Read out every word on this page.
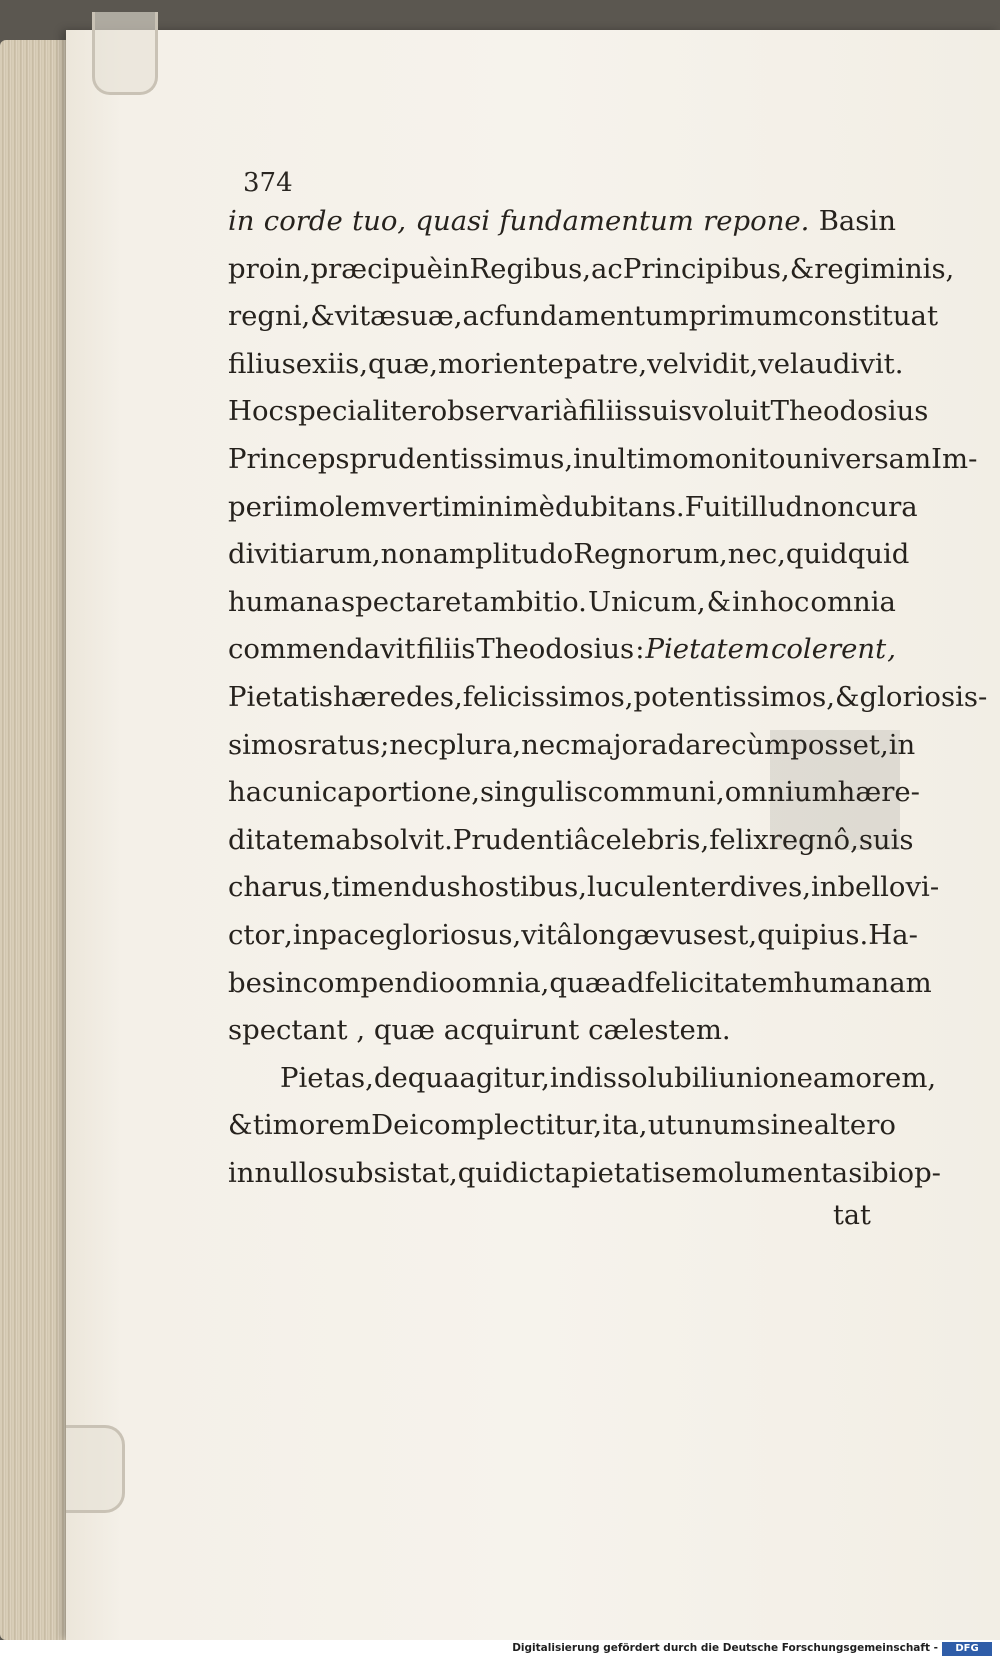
374
in corde tuo, quasi fundamentum repone. Basin
proin , præcipuè in Regibus , ac Principibus , & regiminis,
regni , & vitæ suæ , ac fundamentum primum constituat
filius ex iis , quæ , moriente patre , vel vidit , vel audivit.
Hoc specialiter observari à filiis suis voluit Theodosius
Princeps prudentissimus, in ultimo monito universam Im-
perii molem verti minimè dubitans. Fuit illud non cura
divitiarum, non amplitudo Regnorum , nec, quidquid
humana spectaret ambitio. Unicum, & in hoc omnia
commendavit filiis Theodosius : Pietatem colerent ,
Pietatis hæredes , felicissimos, potentissimos, & gloriosis-
simos ratus ; nec plura, nec majora dare cùm posset , in
hac unica portione , singulis communi , omnium hære-
ditatem absolvit. Prudentiâ celebris, felix regnô , suis
charus, timendus hostibus, luculenter dives , in bello vi-
ctor , in pace gloriosus , vitâ longævus est, qui pius. Ha-
bes in compendio omnia, quæ ad felicitatem humanam
spectant
,
quæ
acquirunt
cælestem.
Pietas, de qua agitur, indissolubili unione amorem,
& timorem Dei complectitur, ita, ut unum sine altero
in nullo subsistat , qui dicta pietatis emolumenta sibi op-
tat
Digitalisierung gefördert durch die Deutsche Forschungsgemeinschaft -	DFG
